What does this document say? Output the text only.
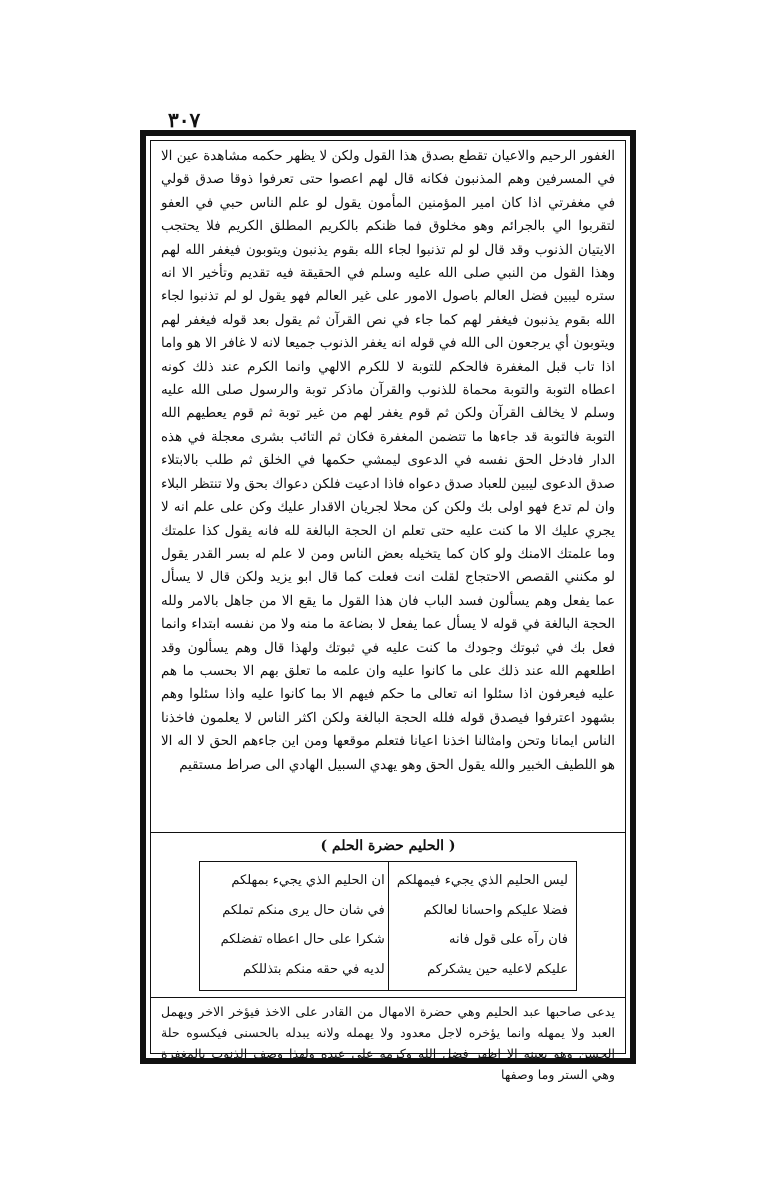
٣٠٧

الغفور الرحيم والاعيان تقطع بصدق هذا القول ولكن لا يظهر حكمه مشاهدة عين الا في المسرفين وهم المذنبون فكانه قال لهم اعصوا حتى تعرفوا ذوقا صدق قولي في مغفرتي اذا كان امير المؤمنين المأمون يقول لو علم الناس حبي في العفو لتقربوا الي بالجرائم وهو مخلوق فما ظنكم بالكريم المطلق الكريم فلا يحتجب الايتيان الذنوب وقد قال لو لم تذنبوا لجاء الله بقوم يذنبون ويتوبون فيغفر الله لهم وهذا القول من النبي صلى الله عليه وسلم في الحقيقة فيه تقديم وتأخير الا انه ستره ليبين فضل العالم باصول الامور على غير العالم فهو يقول لو لم تذنبوا لجاء الله بقوم يذنبون فيغفر لهم كما جاء في نص القرآن ثم يقول بعد قوله فيغفر لهم ويتوبون أي يرجعون الى الله في قوله انه يغفر الذنوب جميعا لانه لا غافر الا هو واما اذا تاب قبل المغفرة فالحكم للتوبة لا للكرم الالهي وانما الكرم عند ذلك كونه اعطاه التوبة والتوبة محماة للذنوب والقرآن ماذكر توبة والرسول صلى الله عليه وسلم لا يخالف القرآن ولكن ثم قوم يغفر لهم من غير توبة ثم قوم يعطيهم الله التوبة فالتوبة قد جاءها ما تتضمن المغفرة فكان ثم التائب بشرى معجلة في هذه الدار فادخل الحق نفسه في الدعوى ليمشي حكمها في الخلق ثم طلب بالابتلاء صدق الدعوى ليبين للعباد صدق دعواه فاذا ادعيت فلكن دعواك بحق ولا تنتظر البلاء وان لم تدع فهو اولى بك ولكن كن محلا لجريان الاقدار عليك وكن على علم انه لا يجري عليك الا ما كنت عليه حتى تعلم ان الحجة البالغة لله فانه يقول كذا علمتك وما علمتك الامنك ولو كان كما يتخيله بعض الناس ومن لا علم له بسر القدر يقول لو مكنني القصص الاحتجاج لقلت انت فعلت كما قال ابو يزيد ولكن قال لا يسأل عما يفعل وهم يسألون فسد الباب فان هذا القول ما يقع الا من جاهل بالامر ولله الحجة البالغة في قوله لا يسأل عما يفعل لا بضاعة ما منه ولا من نفسه ابتداء وانما فعل بك في ثبوتك وجودك ما كنت عليه في ثبوتك ولهذا قال وهم يسألون وقد اطلعهم الله عند ذلك على ما كانوا عليه وان علمه ما تعلق بهم الا بحسب ما هم عليه فيعرفون اذا سئلوا انه تعالى ما حكم فيهم الا بما كانوا عليه واذا سئلوا وهم بشهود اعترفوا فيصدق قوله فلله الحجة البالغة ولكن اكثر الناس لا يعلمون فاخذنا الناس ايمانا وتحن وامثالنا اخذنا اعيانا فتعلم موقعها ومن اين جاءهم الحق لا اله الا هو اللطيف الخبير والله يقول الحق وهو يهدي السبيل الهادي الى صراط مستقيم

( الحليم حضرة الحلم )
ليس الحليم الذي يجيء فيمهلكم
فضلا عليكم واحسانا لعالكم
فان رآه على قول فانه
عليكم لاعليه حين يشكركم
ان الحليم الذي يجيء بمهلكم
في شان حال يرى منكم تملكم
شكرا على حال اعطاه تفضلكم
لديه في حقه منكم بتذللكم

يدعى صاحبها عبد الحليم وهي حضرة الامهال من القادر على الاخذ فيؤخر الاخر ويهمل العبد ولا يمهله وانما يؤخره لاجل معدود ولا يهمله ولانه يبدله بالحسنى فيكسوه حلة الحسن وهو يعينه الا اظهر فضل الله وكرمه على عبده ولهذا وصف الذنوب بالمغفرة وهي الستر وما وصفها
